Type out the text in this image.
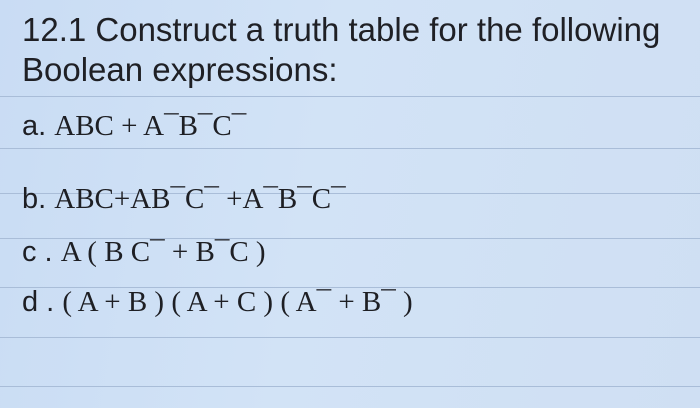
12.1 Construct a truth table for the following
Boolean expressions:
a. ABC + A¯B¯C¯
b. ABC+AB¯C¯ +A¯B¯C¯
c . A ( B C¯ + B¯C )
d . ( A + B ) ( A + C ) ( A¯ + B¯ )
